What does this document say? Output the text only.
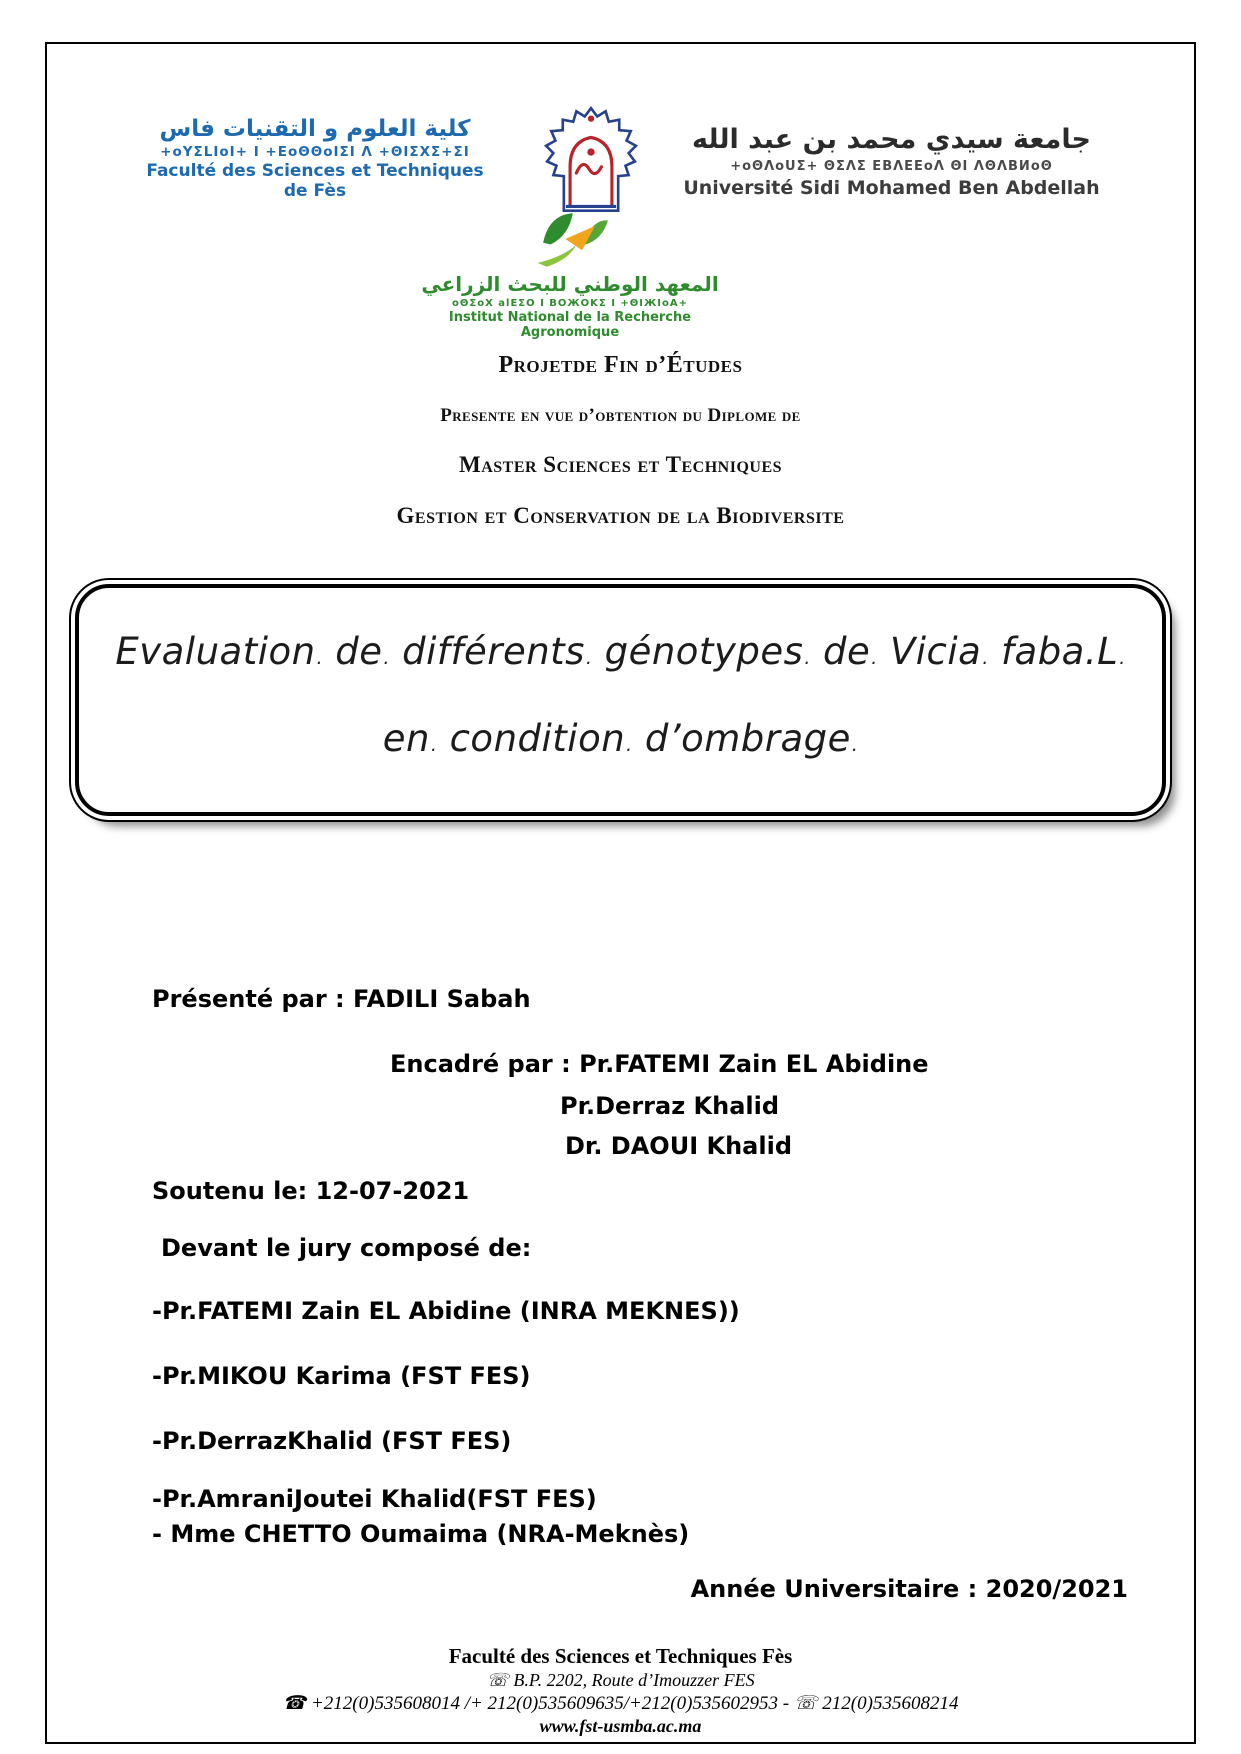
كلية العلوم و التقنيات فاس
+oYΣLIoI+ I +EoΘΘoIΣI Λ +ΘIΣXΣ+ΣI
Faculté des Sciences et Techniques de Fès
جامعة سيدي محمد بن عبد الله
+oΘΛoUΣ+ ΘΣΛΣ EBΛEEoΛ ΘI ΛΘΛBИoΘ
Université Sidi Mohamed Ben Abdellah
المعهد الوطني للبحث الزراعي
oΘΣoX alEΣO I BOЖOKΣ I +ΘIЖIoA+
Institut National de la Recherche Agronomique
Projetde Fin d’Études
Presente en vue d’obtention du Diplome de
Master Sciences et Techniques
Gestion et Conservation de la Biodiversite
Evaluation. de. différents. génotypes. de. Vicia. faba.L.
en. condition. d’ombrage.
Présenté par : FADILI Sabah
Encadré par : Pr.FATEMI Zain EL Abidine
Pr.Derraz Khalid
Dr. DAOUI Khalid
Soutenu le: 12-07-2021
Devant le jury composé de:
-Pr.FATEMI Zain EL Abidine (INRA MEKNES))
-Pr.MIKOU Karima (FST FES)
-Pr.DerrazKhalid (FST FES)
-Pr.AmraniJoutei Khalid(FST FES)
- Mme CHETTO Oumaima (NRA-Meknès)
Année Universitaire : 2020/2021
Faculté des Sciences et Techniques Fès
☏ B.P. 2202, Route d’Imouzzer FES
☎ +212(0)535608014 /+ 212(0)535609635/+212(0)535602953 - ☏ 212(0)535608214
www.fst-usmba.ac.ma
